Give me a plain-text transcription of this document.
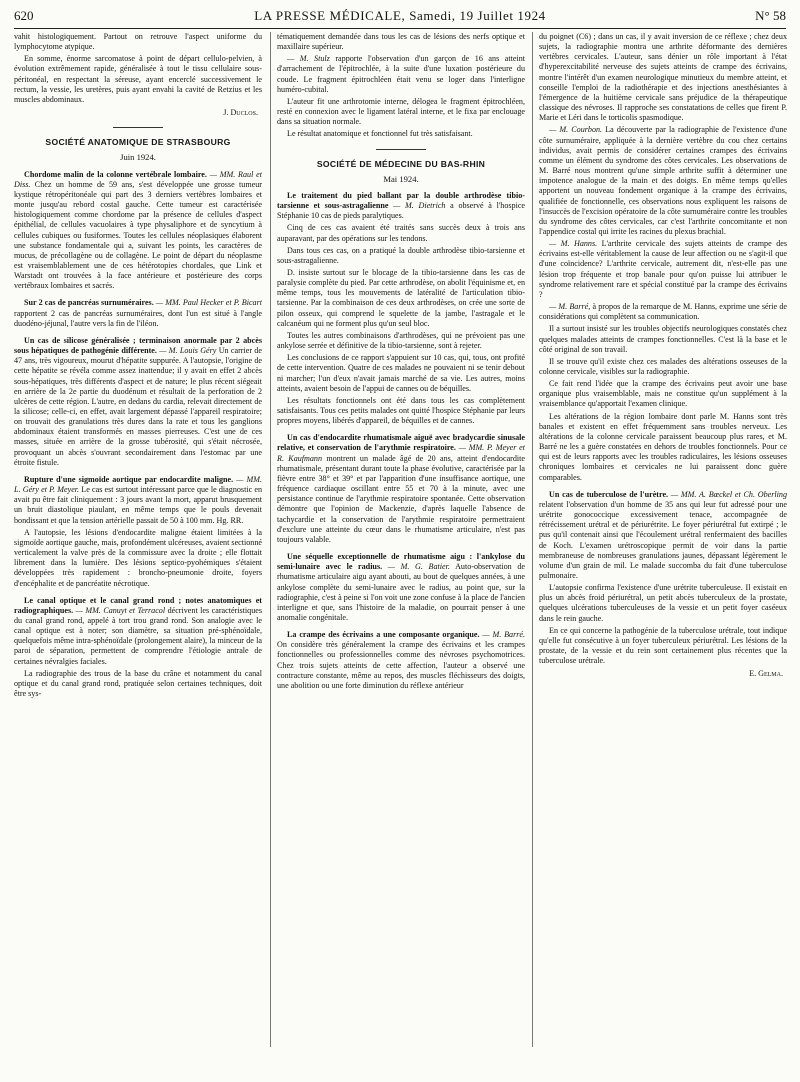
620	LA PRESSE MÉDICALE, Samedi, 19 Juillet 1924	N° 58

vahit histologiquement. Partout on retrouve l'aspect uniforme du lymphocytome atypique.

En somme, énorme sarcomatose à point de départ cellulo-pelvien, à évolution extrêmement rapide, généralisée à tout le tissu cellulaire sous-péritonéal, en respectant la séreuse, ayant encerclé successivement le rectum, la vessie, les uretères, puis ayant envahi la cavité de Retzius et les muscles abdominaux.

J. Duclos.

SOCIÉTÉ ANATOMIQUE DE STRASBOURG
Juin 1924.

Chordome malin de la colonne vertébrale lombaire. — MM. Raul et Diss. Chez un homme de 59 ans, s'est développée une grosse tumeur kystique rétropéritonéale qui part des 3 derniers vertèbres lombaires et monte jusqu'au rebord costal gauche. Cette tumeur est caractérisée histologiquement comme chordome par la présence de cellules d'aspect épithélial, de cellules vacuolaires à type physaliphore et de syncytium à cellules cubiques ou fusiformes. Toutes les cellules néoplasiques élaborent une substance fondamentale qui a, suivant les points, les caractères de mucus, de précollagène ou de collagène. Le point de départ du néoplasme est vraisemblablement une de ces hétérotopies chordales, que Link et Warstadt ont trouvées à la face antérieure et postérieure des corps vertébraux lombaires et sacrés.

Sur 2 cas de pancréas surnuméraires. — MM. Paul Hecker et P. Bicart rapportent 2 cas de pancréas surnuméraires, dont l'un est situé à l'angle duodéno-jéjunal, l'autre vers la fin de l'iléon.

Un cas de silicose généralisée ; terminaison anormale par 2 abcès sous hépatiques de pathogénie différente. — M. Louis Géry Un carrier de 47 ans, très vigoureux, mourut d'hépatite suppurée. A l'autopsie, l'origine de cette hépatite se révéla comme assez inattendue; il y avait en effet 2 abcès sous-hépatiques, très différents d'aspect et de nature; le plus récent siégeait en arrière de la 2e partie du duodénum et résultait de la perforation de 2 ulcères de cette région. L'autre, en dedans du cardia, relevait directement de la silicose; celle-ci, en effet, avait largement dépassé l'appareil respiratoire; on trouvait des granulations très dures dans la rate et tous les ganglions abdominaux étaient transformés en masses pierreuses. C'est une de ces masses, située en arrière de la grosse tubérosité, qui s'était nécrosée, provoquant un abcès s'ouvrant secondairement dans l'estomac par une étroite fistule.

Rupture d'une sigmoïde aortique par endocardite maligne. — MM. L. Géry et P. Meyer. Le cas est surtout intéressant parce que le diagnostic en avait pu être fait cliniquement : 3 jours avant la mort, apparut brusquement un bruit diastolique piaulant, en même temps que le pouls devenait bondissant et que la tension artérielle passait de 50 à 100 mm. Hg. RR.

A l'autopsie, les lésions d'endocardite maligne étaient limitées à la sigmoïde aortique gauche, mais, profondément ulcéreuses, avaient sectionné verticalement la valve près de la commissure avec la droite ; elle flottait librement dans la lumière. Des lésions septico-pyohémiques s'étaient développées très rapidement : broncho-pneumonie droite, foyers d'encéphalite et de pancréatite nécrotique.

Le canal optique et le canal grand rond ; notes anatomiques et radiographiques. — MM. Canuyt et Terracol décrivent les caractéristiques du canal grand rond, appelé à tort trou grand rond. Son analogie avec le canal optique est à noter; son diamètre, sa situation pré-sphénoïdale, quelquefois même intra-sphénoïdale (prolongement alaire), la minceur de la paroi de séparation, permettent de comprendre l'étiologie antrale de certaines névralgies faciales.

La radiographie des trous de la base du crâne et notamment du canal optique et du canal grand rond, pratiquée selon certaines techniques, doit être sys-

tématiquement demandée dans tous les cas de lésions des nerfs optique et maxillaire supérieur.

— M. Stulz rapporte l'observation d'un garçon de 16 ans atteint d'arrachement de l'épitrochlée, à la suite d'une luxation postérieure du coude. Le fragment épitrochléen était venu se loger dans l'interligne huméro-cubital.

L'auteur fit une arthrotomie interne, délogea le fragment épitrochléen, resté en connexion avec le ligament latéral interne, et le fixa par enclouage dans sa situation normale.

Le résultat anatomique et fonctionnel fut très satisfaisant.

SOCIÉTÉ DE MÉDECINE DU BAS-RHIN
Mai 1924.

Le traitement du pied ballant par la double arthrodèse tibio-tarsienne et sous-astragalienne — M. Dietrich a observé à l'hospice Stéphanie 10 cas de pieds paralytiques.

Cinq de ces cas avaient été traités sans succès deux à trois ans auparavant, par des opérations sur les tendons.

Dans tous ces cas, on a pratiqué la double arthrodèse tibio-tarsienne et sous-astragalienne.

D. insiste surtout sur le blocage de la tibio-tarsienne dans les cas de paralysie complète du pied. Par cette arthrodèse, on abolit l'équinisme et, en même temps, tous les mouvements de latéralité de l'articulation tibio-tarsienne. Par la combinaison de ces deux arthrodèses, on crée une sorte de pilon osseux, qui comprend le squelette de la jambe, l'astragale et le calcanéum qui ne forment plus qu'un seul bloc.

Toutes les autres combinaisons d'arthrodèses, qui ne prévoient pas une ankylose serrée et définitive de la tibio-tarsienne, sont à rejeter.

Les conclusions de ce rapport s'appuient sur 10 cas, qui, tous, ont profité de cette intervention. Quatre de ces malades ne pouvaient ni se tenir debout ni marcher; l'un d'eux n'avait jamais marché de sa vie. Les autres, moins atteints, avaient besoin de l'appui de cannes ou de béquilles.

Les résultats fonctionnels ont été dans tous les cas complètement satisfaisants. Tous ces petits malades ont quitté l'hospice Stéphanie par leurs propres moyens, libérés d'appareil, de béquilles et de cannes.

Un cas d'endocardite rhumatismale aiguë avec bradycardie sinusale relative, et conservation de l'arythmie respiratoire. — MM. P. Meyer et R. Kaufmann montrent un malade âgé de 20 ans, atteint d'endocardite rhumatismale, présentant durant toute la phase évolutive, caractérisée par la fièvre entre 38° et 39° et par l'apparition d'une insuffisance aortique, une fréquence cardiaque oscillant entre 55 et 70 à la minute, avec une persistance continue de l'arythmie respiratoire spontanée. Cette observation démontre que l'opinion de Mackenzie, d'après laquelle l'absence de tachycardie et la conservation de l'arythmie respiratoire permettraient d'exclure une atteinte du cœur dans le rhumatisme articulaire, n'est pas toujours valable.

Une séquelle exceptionnelle de rhumatisme aigu : l'ankylose du semi-lunaire avec le radius. — M. G. Batier. Auto-observation de rhumatisme articulaire aigu ayant abouti, au bout de quelques années, à une ankylose complète du semi-lunaire avec le radius, au point que, sur la radiographie, c'est à peine si l'on voit une zone confuse à la place de l'ancien interligne et que, sans l'histoire de la maladie, on pourrait penser à une anomalie congénitale.

La crampe des écrivains a une composante organique. — M. Barré. On considère très généralement la crampe des écrivains et les crampes fonctionnelles ou professionnelles comme des névroses psychomotrices. Chez trois sujets atteints de cette affection, l'auteur a observé une contracture constante, même au repos, des muscles fléchisseurs des doigts, une abolition ou une forte diminution du réflexe antérieur

du poignet (C6) ; dans un cas, il y avait inversion de ce réflexe ; chez deux sujets, la radiographie montra une arthrite déformante des dernières vertèbres cervicales. L'auteur, sans dénier un rôle important à l'état d'hyperexcitabilité nerveuse des sujets atteints de crampe des écrivains, montre l'intérêt d'un examen neurologique minutieux du membre atteint, et conseille l'emploi de la radiothérapie et des injections anesthésiantes à l'émergence de la huitième cervicale sans préjudice de la thérapeutique classique des névroses. Il rapproche ses constatations de celles que firent P. Marie et Léri dans le torticolis spasmodique.

— M. Courbon. La découverte par la radiographie de l'existence d'une côte surnuméraire, appliquée à la dernière vertèbre du cou chez certains individus, avait permis de considérer certaines crampes des écrivains comme un élément du syndrome des côtes cervicales. Les observations de M. Barré nous montrent qu'une simple arthrite suffit à déterminer une impotence analogue de la main et des doigts. En même temps qu'elles apportent un nouveau fondement organique à la crampe des écrivains, qualifiée de fonctionnelle, ces observations nous expliquent les raisons de l'insuccès de l'excision opératoire de la côte surnuméraire contre les troubles du syndrome des côtes cervicales, car c'est l'arthrite concomitante et non l'appendice costal qui irrite les racines du plexus brachial.

— M. Hanns. L'arthrite cervicale des sujets atteints de crampe des écrivains est-elle véritablement la cause de leur affection ou ne s'agit-il que d'une coïncidence? L'arthrite cervicale, autrement dit, n'est-elle pas une lésion trop fréquente et trop banale pour qu'on puisse lui attribuer le syndrome relativement rare et spécial constitué par la crampe des écrivains ?

— M. Barré, à propos de la remarque de M. Hanns, exprime une série de considérations qui complètent sa communication.

Il a surtout insisté sur les troubles objectifs neurologiques constatés chez quelques malades atteints de crampes fonctionnelles. C'est là la base et le côté original de son travail.

Il se trouve qu'il existe chez ces malades des altérations osseuses de la colonne cervicale, visibles sur la radiographie.

Ce fait rend l'idée que la crampe des écrivains peut avoir une base organique plus vraisemblable, mais ne constitue qu'un supplément à la vraisemblance qu'apportait l'examen clinique.

Les altérations de la région lombaire dont parle M. Hanns sont très banales et existent en effet fréquemment sans troubles nerveux. Les altérations de la colonne cervicale paraissent beaucoup plus rares, et M. Barré ne les a guère constatées en dehors de troubles fonctionnels. Pour ce qui est de leurs rapports avec les troubles radiculaires, les lésions osseuses chroniques lombaires et cervicales ne lui paraissent donc guère comparables.

Un cas de tuberculose de l'urètre. — MM. A. Bœckel et Ch. Oberling relatent l'observation d'un homme de 35 ans qui leur fut adressé pour une urétrite gonococcique excessivement tenace, accompagnée de rétrécissement urétral et de périurétrite. Le foyer périurétral fut extirpé ; le pus qu'il contenait ainsi que l'écoulement urétral renfermaient des bacilles de Koch. L'examen urétroscopique permit de voir dans la partie membraneuse de nombreuses granulations jaunes, dépassant légèrement le volume d'un grain de mil. Le malade succomba du fait d'une tuberculose pulmonaire.

L'autopsie confirma l'existence d'une urétrite tuberculeuse. Il existait en plus un abcès froid périurétral, un petit abcès tuberculeux de la prostate, quelques ulcérations tuberculeuses de la vessie et un petit foyer caséeux dans le rein gauche.

En ce qui concerne la pathogénie de la tuberculose urétrale, tout indique qu'elle fut consécutive à un foyer tuberculeux périurétral. Les lésions de la prostate, de la vessie et du rein sont certainement plus récentes que la tuberculose urétrale.

E. Gelma.
